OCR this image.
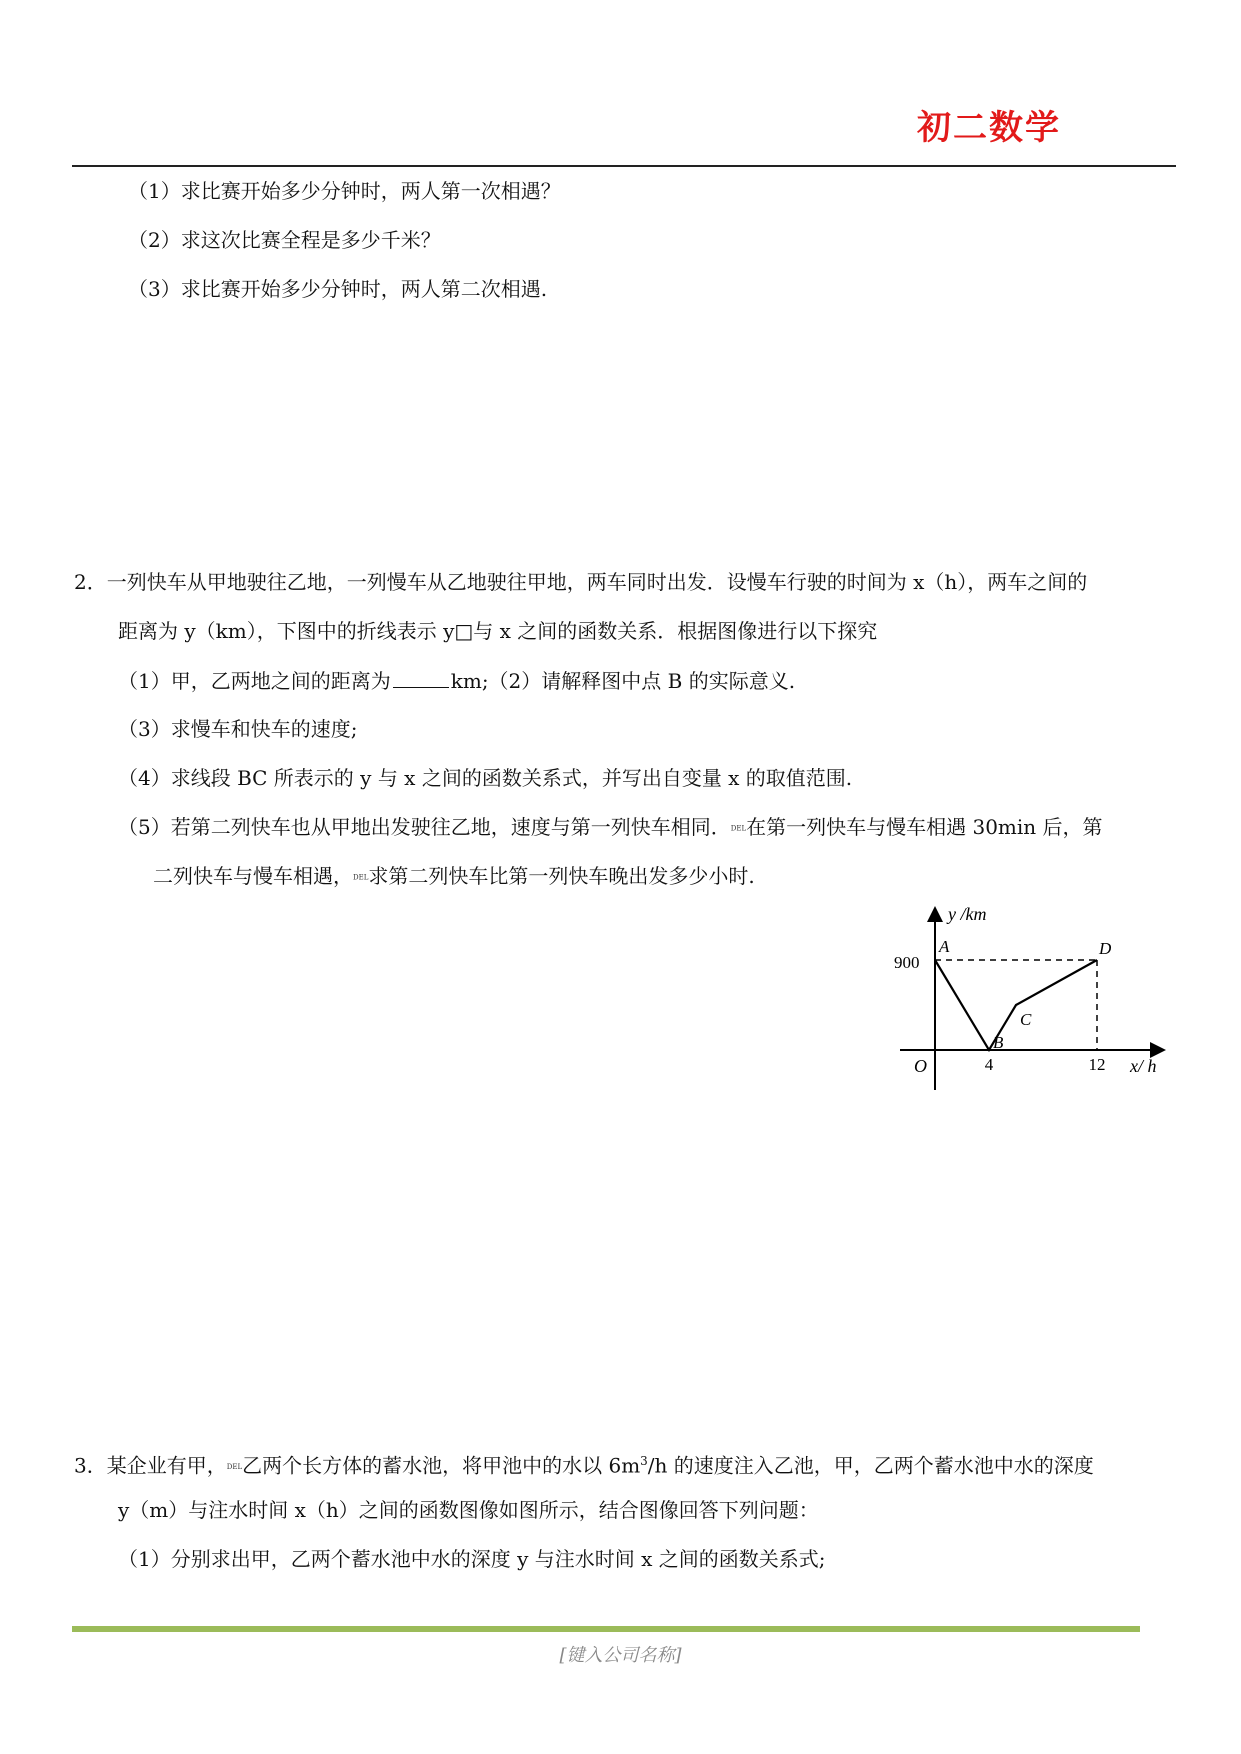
初二数学
（1）求比赛开始多少分钟时，两人第一次相遇？
（2）求这次比赛全程是多少千米？
（3）求比赛开始多少分钟时，两人第二次相遇.
2．一列快车从甲地驶往乙地，一列慢车从乙地驶往甲地，两车同时出发．设慢车行驶的时间为 x（h），两车之间的
距离为 y（km），下图中的折线表示 y□与 x 之间的函数关系．根据图像进行以下探究
（1）甲，乙两地之间的距离为	km;（2）请解释图中点 B 的实际意义.
（3）求慢车和快车的速度;
（4）求线段 BC 所表示的 y 与 x 之间的函数关系式，并写出自变量 x 的取值范围.
（5）若第二列快车也从甲地出发驶往乙地，速度与第一列快车相同．DEL在第一列快车与慢车相遇 30min 后，第
二列快车与慢车相遇，DEL求第二列快车比第一列快车晚出发多少小时.
y /km
x/ h
O
900
4	12
A
B
C
D
3．某企业有甲，DEL乙两个长方体的蓄水池，将甲池中的水以 $6m^3/h$ 的速度注入乙池，甲，乙两个蓄水池中水的深度
y（m）与注水时间 x（h）之间的函数图像如图所示，结合图像回答下列问题：
（1）分别求出甲，乙两个蓄水池中水的深度 y 与注水时间 x 之间的函数关系式;
[键入公司名称]
